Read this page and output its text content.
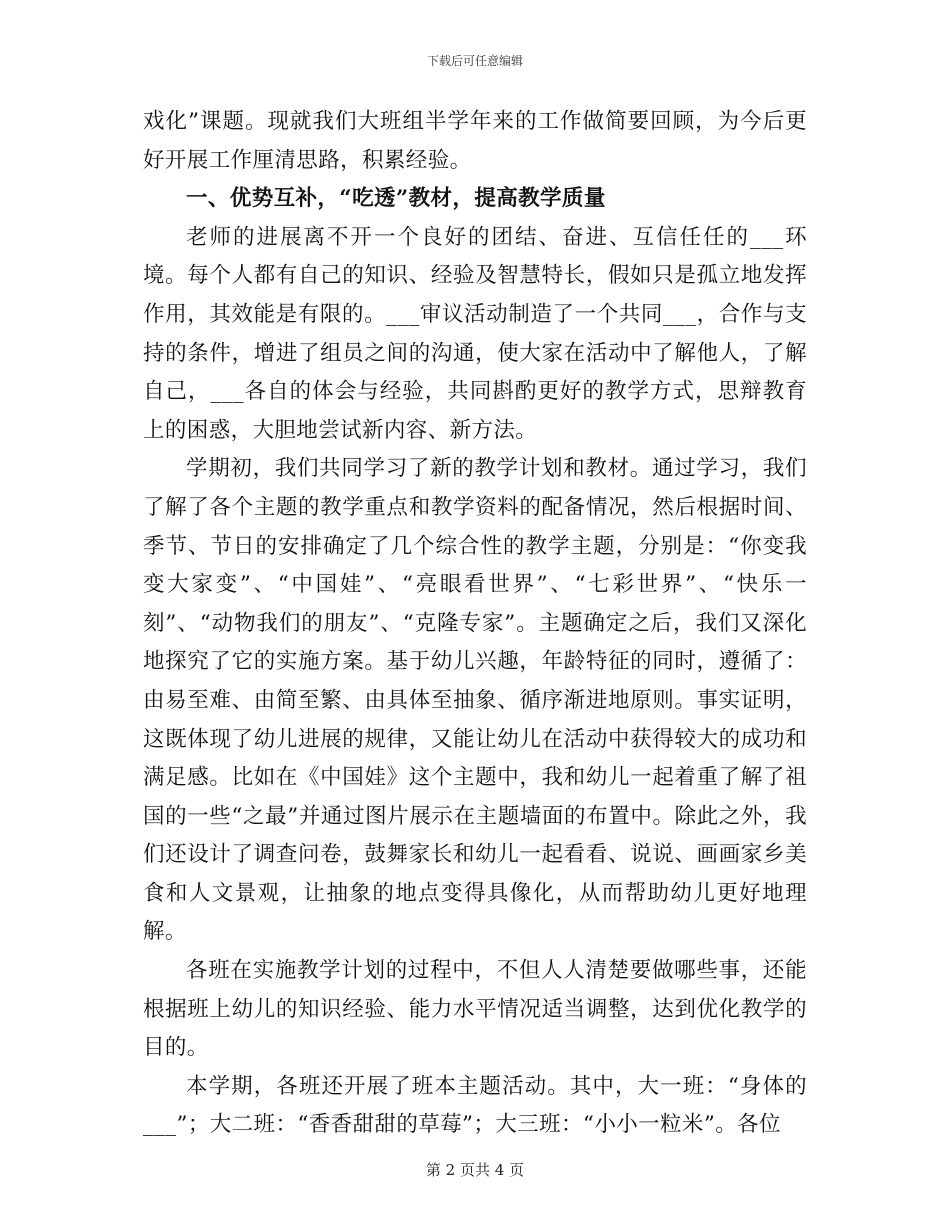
下载后可任意编辑

戏化”课题。现就我们大班组半学年来的工作做简要回顾，为今后更好开展工作厘清思路，积累经验。

一、优势互补，“吃透”教材，提高教学质量

老师的进展离不开一个良好的团结、奋进、互信任任的___环境。每个人都有自己的知识、经验及智慧特长，假如只是孤立地发挥作用，其效能是有限的。___审议活动制造了一个共同___，合作与支持的条件，增进了组员之间的沟通，使大家在活动中了解他人，了解自己，___各自的体会与经验，共同斟酌更好的教学方式，思辩教育上的困惑，大胆地尝试新内容、新方法。

学期初，我们共同学习了新的教学计划和教材。通过学习，我们了解了各个主题的教学重点和教学资料的配备情况，然后根据时间、季节、节日的安排确定了几个综合性的教学主题，分别是：“你变我变大家变”、“中国娃”、“亮眼看世界”、“七彩世界”、“快乐一刻”、“动物我们的朋友”、“克隆专家”。主题确定之后，我们又深化地探究了它的实施方案。基于幼儿兴趣，年龄特征的同时，遵循了：由易至难、由简至繁、由具体至抽象、循序渐进地原则。事实证明，这既体现了幼儿进展的规律，又能让幼儿在活动中获得较大的成功和满足感。比如在《中国娃》这个主题中，我和幼儿一起着重了解了祖国的一些“之最”并通过图片展示在主题墙面的布置中。除此之外，我们还设计了调查问卷，鼓舞家长和幼儿一起看看、说说、画画家乡美食和人文景观，让抽象的地点变得具像化，从而帮助幼儿更好地理解。

各班在实施教学计划的过程中，不但人人清楚要做哪些事，还能根据班上幼儿的知识经验、能力水平情况适当调整，达到优化教学的目的。

本学期，各班还开展了班本主题活动。其中，大一班：“身体的___”；大二班：“香香甜甜的草莓”；大三班：“小小一粒米”。各位

第 2 页共 4 页
